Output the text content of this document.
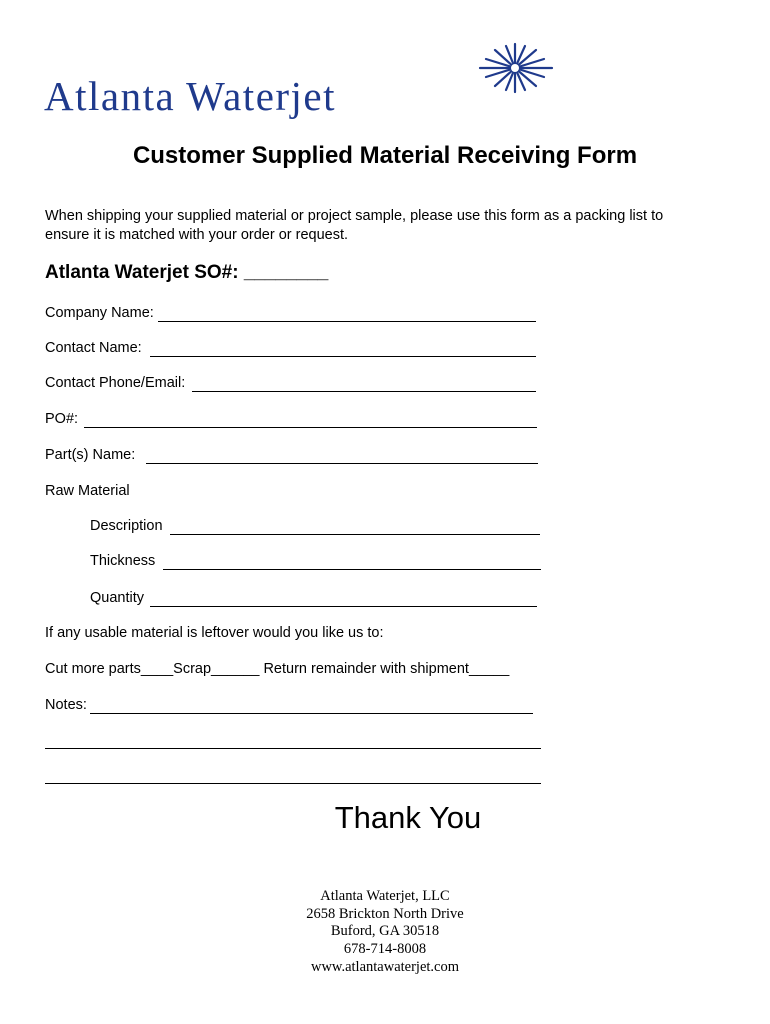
Atlanta Waterjet
Customer Supplied Material Receiving Form
When shipping your supplied material or project sample, please use this form as a packing list to
ensure it is matched with your order or request.
Atlanta Waterjet SO#: ________
Company Name:
Contact Name:
Contact Phone/Email:
PO#:
Part(s) Name:
Raw Material
Description
Thickness
Quantity
If any usable material is leftover would you like us to:
Cut more parts____Scrap______ Return remainder with shipment_____
Notes:
Thank You
Atlanta Waterjet, LLC
2658 Brickton North Drive
Buford, GA 30518
678-714-8008
www.atlantawaterjet.com
